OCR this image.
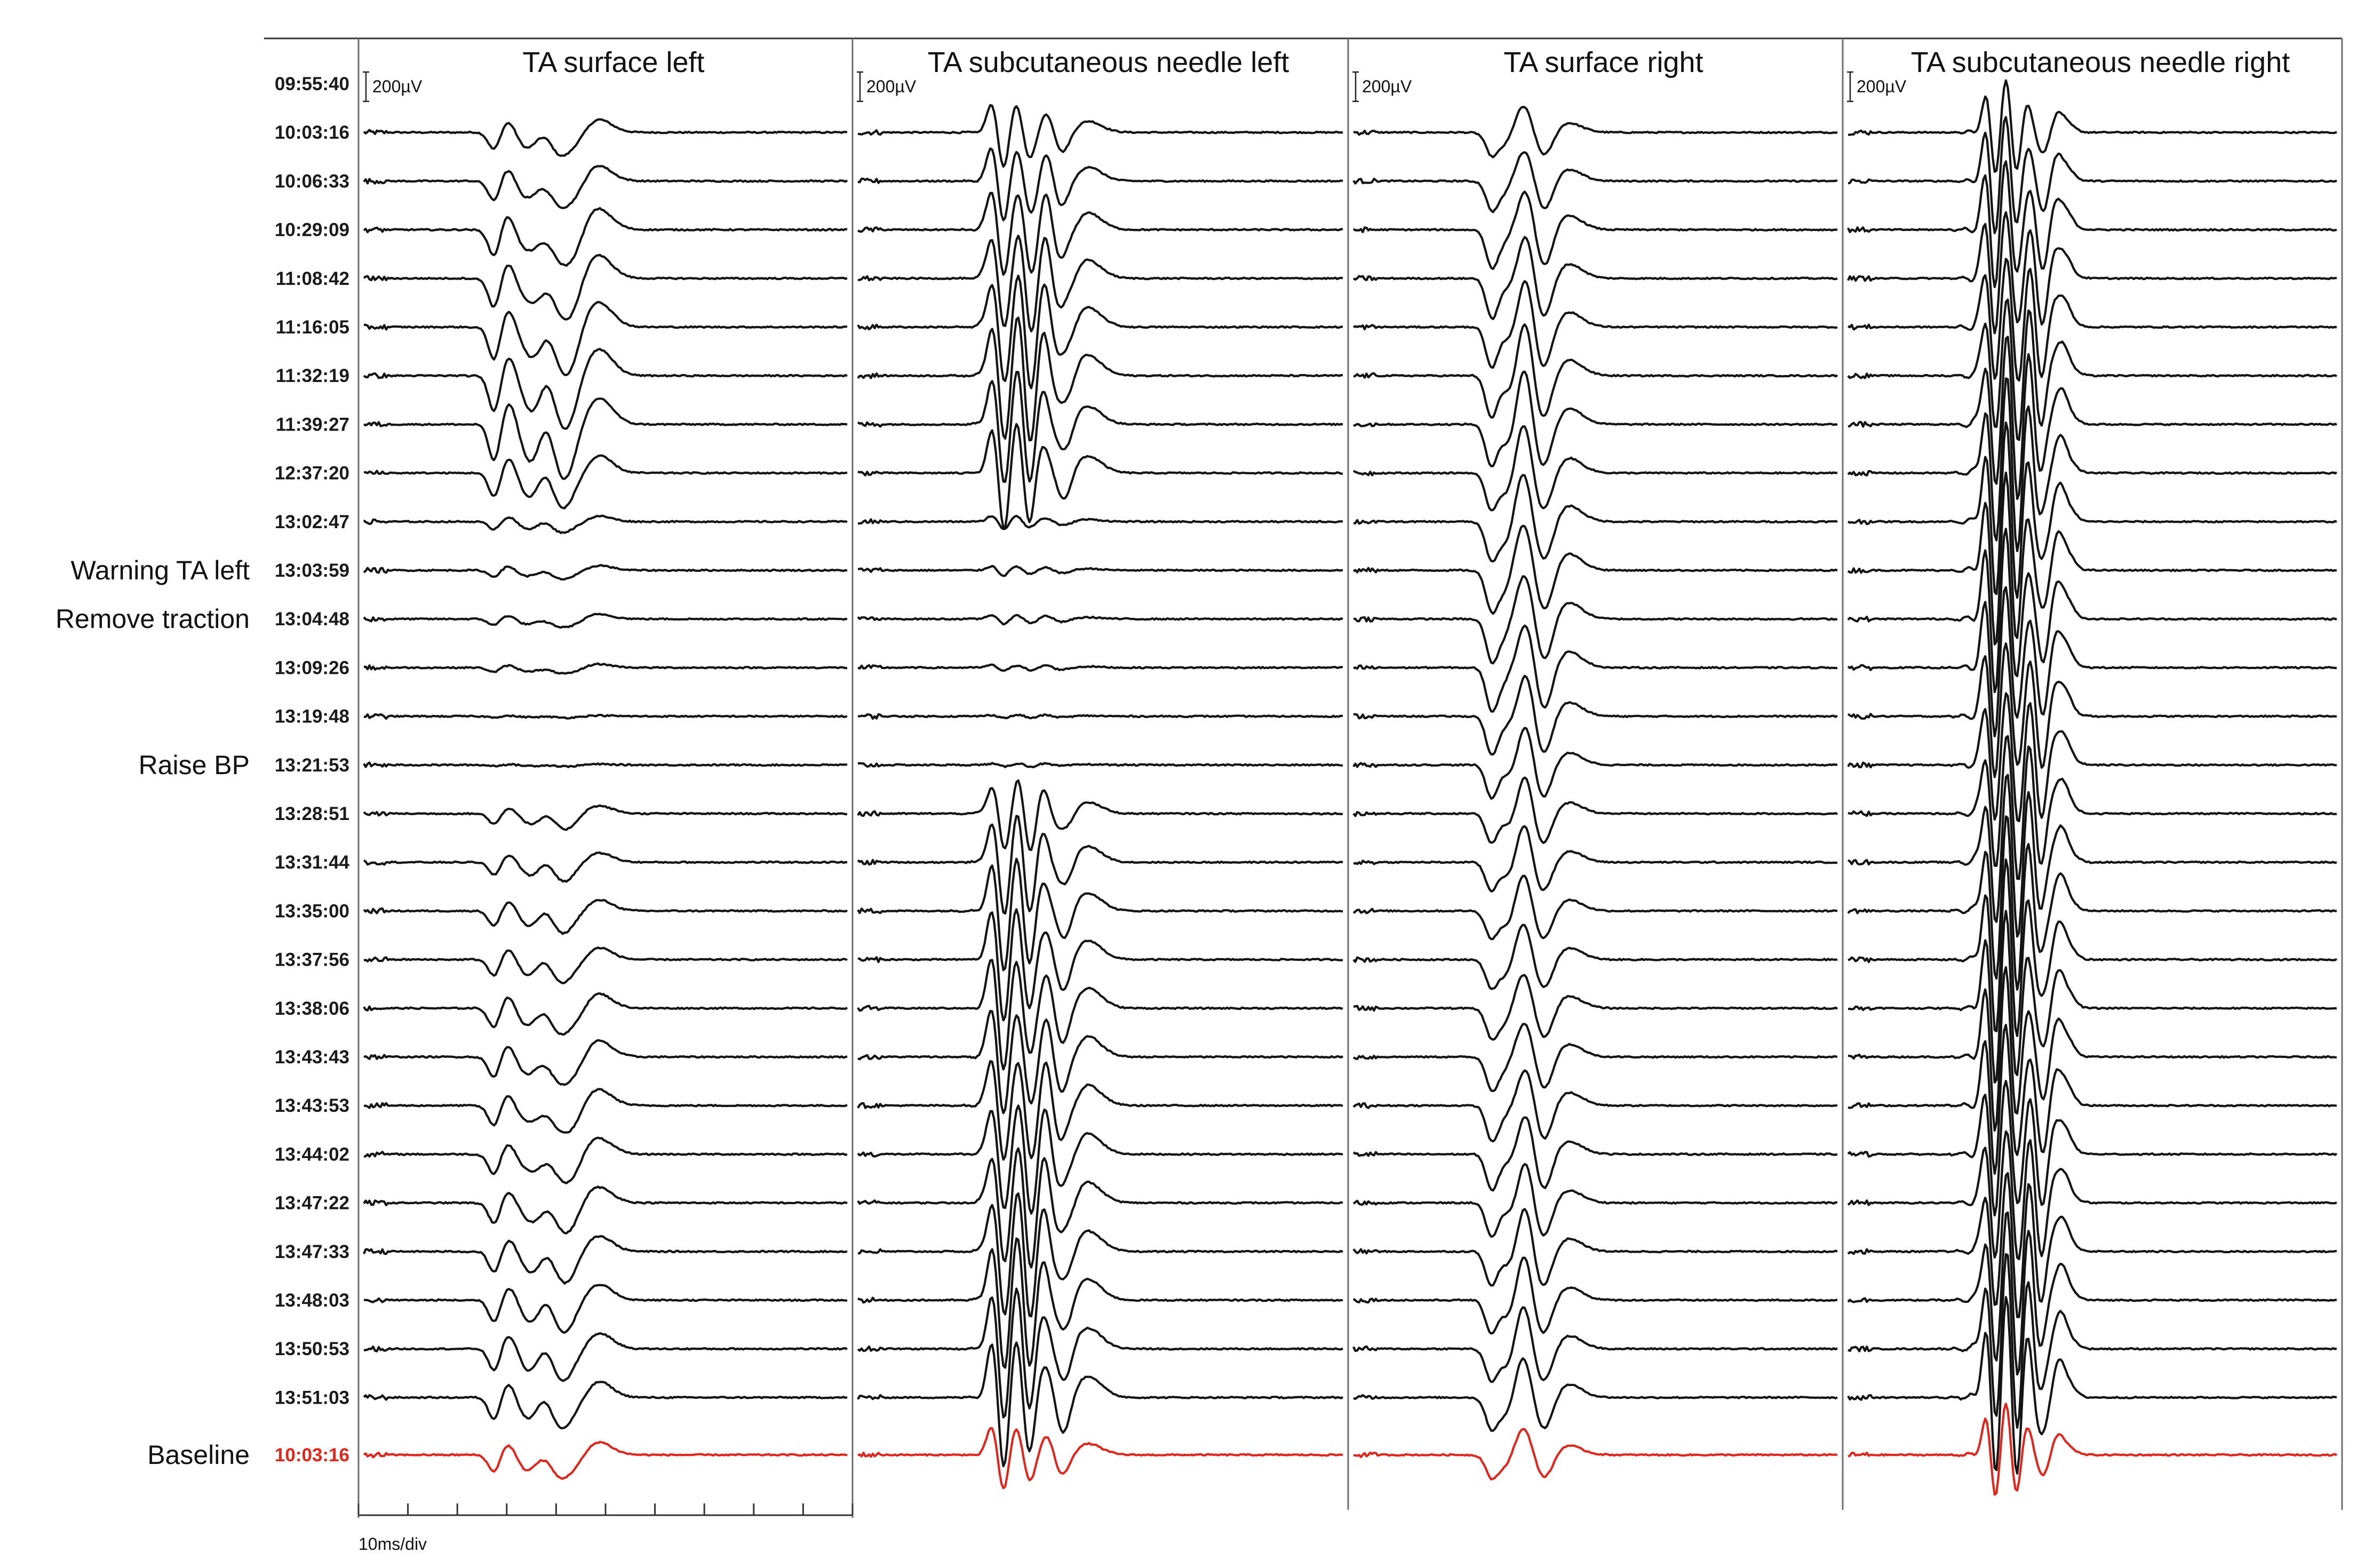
TA surface left
200µV
TA subcutaneous needle left
200µV
TA surface right
200µV
TA subcutaneous needle right
200µV
09:55:40
10:03:16
10:06:33
10:29:09
11:08:42
11:16:05
11:32:19
11:39:27
12:37:20
13:02:47
13:03:59
Warning TA left
13:04:48
Remove traction
13:09:26
13:19:48
13:21:53
Raise BP
13:28:51
13:31:44
13:35:00
13:37:56
13:38:06
13:43:43
13:43:53
13:44:02
13:47:22
13:47:33
13:48:03
13:50:53
13:51:03
10:03:16
Baseline
10ms/div
